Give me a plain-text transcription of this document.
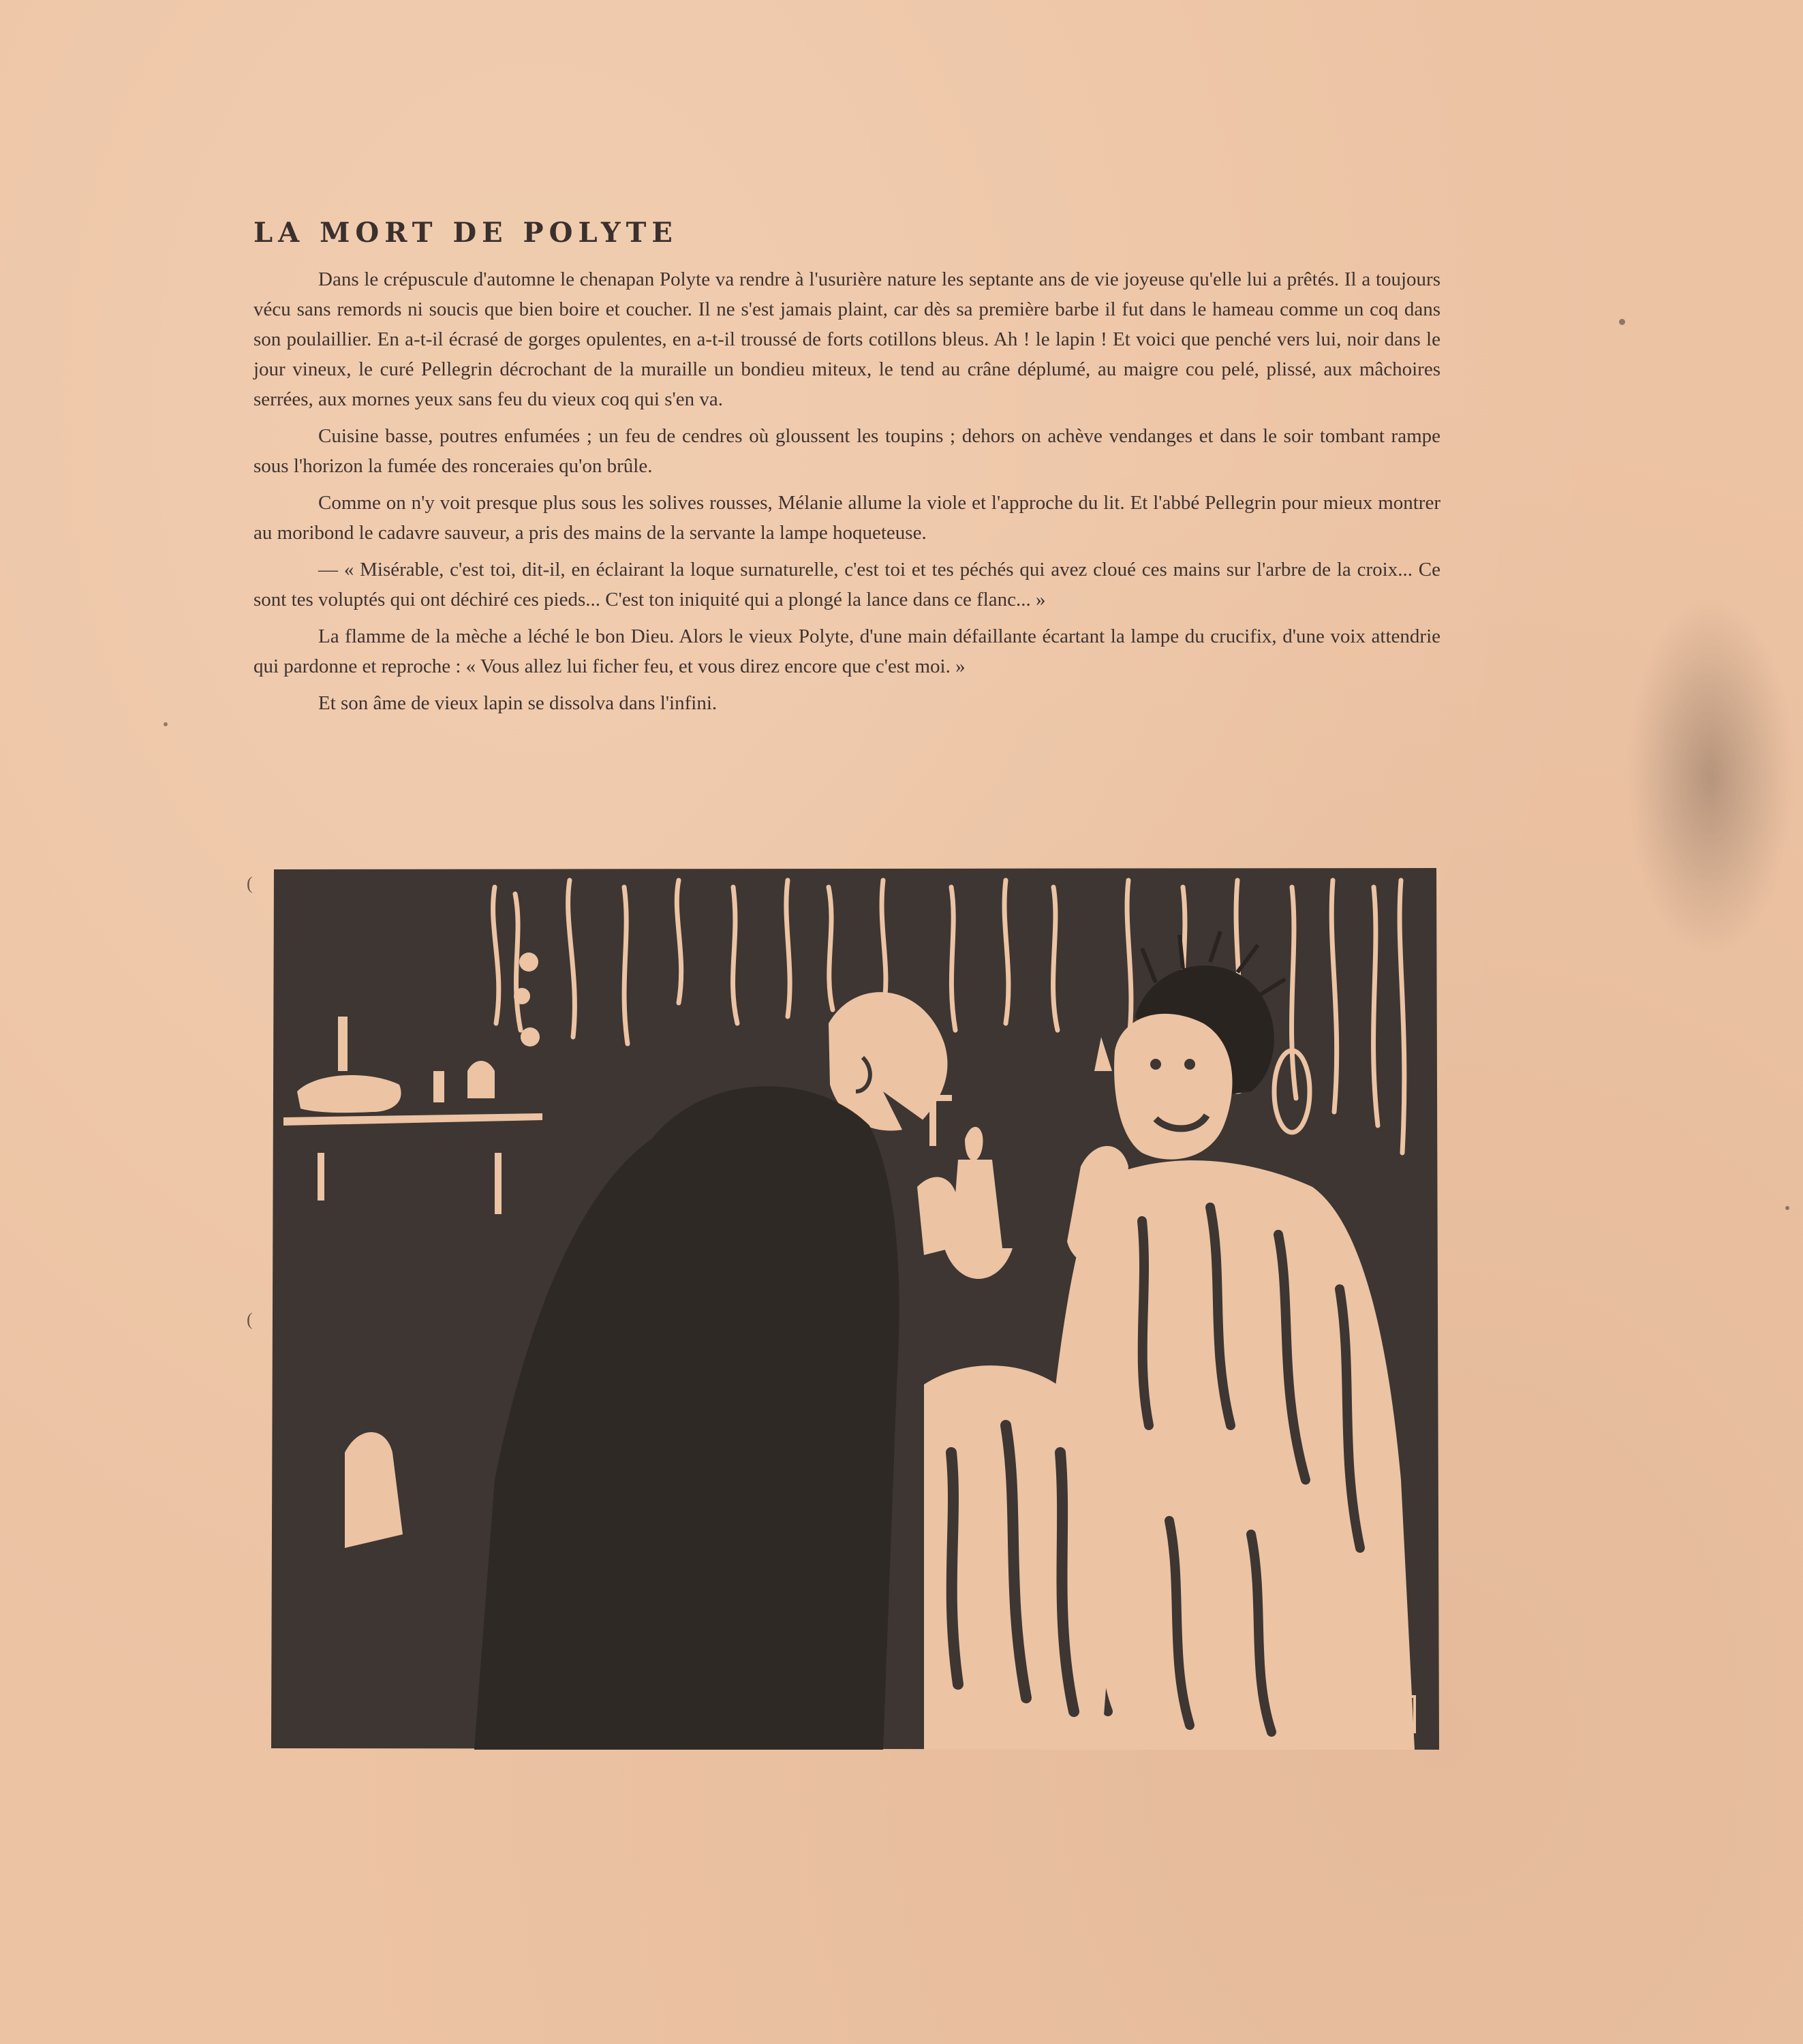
LA MORT DE POLYTE

Dans le crépuscule d'automne le chenapan Polyte va rendre à l'usurière nature les septante ans de vie joyeuse qu'elle lui a prêtés. Il a toujours vécu sans remords ni soucis que bien boire et coucher. Il ne s'est jamais plaint, car dès sa première barbe il fut dans le hameau comme un coq dans son poulaillier. En a-t-il écrasé de gorges opulentes, en a-t-il troussé de forts cotillons bleus. Ah ! le lapin ! Et voici que penché vers lui, noir dans le jour vineux, le curé Pellegrin décrochant de la muraille un bondieu miteux, le tend au crâne déplumé, au maigre cou pelé, plissé, aux mâchoires serrées, aux mornes yeux sans feu du vieux coq qui s'en va.

Cuisine basse, poutres enfumées ; un feu de cendres où gloussent les toupins ; dehors on achève vendanges et dans le soir tombant rampe sous l'horizon la fumée des ronceraies qu'on brûle.

Comme on n'y voit presque plus sous les solives rousses, Mélanie allume la viole et l'approche du lit. Et l'abbé Pellegrin pour mieux montrer au moribond le cadavre sauveur, a pris des mains de la servante la lampe hoqueteuse.

— « Misérable, c'est toi, dit-il, en éclairant la loque surnaturelle, c'est toi et tes péchés qui avez cloué ces mains sur l'arbre de la croix... Ce sont tes voluptés qui ont déchiré ces pieds... C'est ton iniquité qui a plongé la lance dans ce flanc... »

La flamme de la mèche a léché le bon Dieu. Alors le vieux Polyte, d'une main défaillante écartant la lampe du crucifix, d'une voix attendrie qui pardonne et reproche : « Vous allez lui ficher feu, et vous direz encore que c'est moi. »

Et son âme de vieux lapin se dissolva dans l'infini.

(
(
FV
